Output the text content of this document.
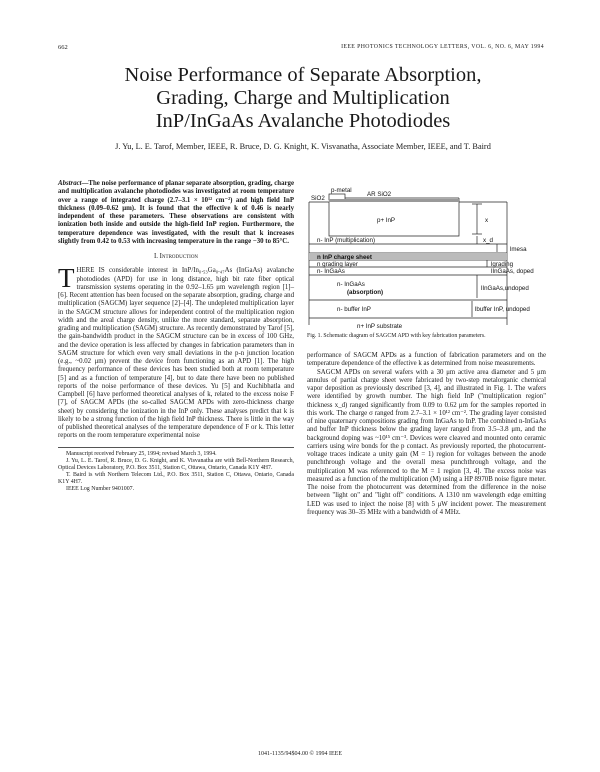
662	IEEE PHOTONICS TECHNOLOGY LETTERS, VOL. 6, NO. 6, MAY 1994
Noise Performance of Separate Absorption,
Grading, Charge and Multiplication
InP/InGaAs Avalanche Photodiodes
J. Yu, L. E. Tarof, Member, IEEE, R. Bruce, D. G. Knight, K. Visvanatha, Associate Member, IEEE, and T. Baird
Abstract—The noise performance of planar separate absorption, grading, charge and multiplication avalanche photodiodes was investigated at room temperature over a range of integrated charge (2.7–3.1 × 10¹² cm⁻²) and high field InP thickness (0.09–0.62 μm). It is found that the effective k of 0.46 is nearly independent of these parameters. These observations are consistent with ionization both inside and outside the high-field InP region. Furthermore, the temperature dependence was investigated, with the result that k increases slightly from 0.42 to 0.53 with increasing temperature in the range −30 to 85°C.
I. Introduction

THERE IS considerable interest in InP/In₀.₅₃Ga₀.₄₇As (InGaAs) avalanche photodiodes (APD) for use in long distance, high bit rate fiber optical transmission systems operating in the 0.92–1.65 μm wavelength region [1]–[6]. Recent attention has been focused on the separate absorption, grading, charge and multiplication (SAGCM) layer sequence [2]–[4]. The undepleted multiplication layer in the SAGCM structure allows for independent control of the multiplication region width and the areal charge density, unlike the more standard, separate absorption, grading and multiplication (SAGM) structure. As recently demonstrated by Tarof [5], the gain-bandwidth product in the SAGCM structure can be in excess of 100 GHz, and the device operation is less affected by changes in fabrication parameters than in SAGM structure for which even very small deviations in the p-n junction location (e.g., ~0.02 μm) prevent the device from functioning as an APD [1]. The high frequency performance of these devices has been studied both at room temperature [5] and as a function of temperature [4], but to date there have been no published reports of the noise performance of these devices. Yu [5] and Kuchibhatla and Campbell [6] have performed theoretical analyses of k, related to the excess noise F [7], of SAGCM APDs (the so-called SAGCM APDs with zero-thickness charge sheet) by considering the ionization in the InP only. These analyses predict that k is likely to be a strong function of the high field InP thickness. There is little in the way of published theoretical analyses of the temperature dependence of F or k. This letter reports on the room temperature experimental noise

Manuscript received February 25, 1994; revised March 3, 1994.

J. Yu, L. E. Tarof, R. Bruce, D. G. Knight, and K. Visvanatha are with Bell-Northern Research, Optical Devices Laboratory, P.O. Box 3511, Station C, Ottawa, Ontario, Canada K1Y 4H7.

T. Baird is with Northern Telecom Ltd., P.O. Box 3511, Station C, Ottawa, Ontario, Canada K1Y 4H7.

IEEE Log Number 9401007.

SiO2
p-metal
AR SiO2
p+ InP	x
n- InP (multiplication)	x_d
lmesa
n InP charge sheet
n grading layer	lgrading
n- InGaAs	lInGaAs, doped
n- InGaAs
(absorption)
lInGaAs,undoped
n- buffer InP	lbuffer InP, undoped
n+ InP substrate
Fig. 1. Schematic diagram of SAGCM APD with key fabrication parameters.

performance of SAGCM APDs as a function of fabrication parameters and on the temperature dependence of the effective k as determined from noise measurements.

SAGCM APDs on several wafers with a 30 μm active area diameter and 5 μm annulus of partial charge sheet were fabricated by two-step metalorganic chemical vapor deposition as previously described [3, 4], and illustrated in Fig. 1. The wafers were identified by growth number. The high field InP ("multiplication region" thickness x_d) ranged significantly from 0.09 to 0.62 μm for the samples reported in this work. The charge σ ranged from 2.7–3.1 × 10¹² cm⁻². The grading layer consisted of nine quaternary compositions grading from InGaAs to InP. The combined n-InGaAs and buffer InP thickness below the grading layer ranged from 3.5–3.8 μm, and the background doping was ~10¹⁵ cm⁻³. Devices were cleaved and mounted onto ceramic carriers using wire bonds for the p contact. As previously reported, the photocurrent-voltage traces indicate a unity gain (M = 1) region for voltages between the anode punchthrough voltage and the overall mesa punchthrough voltage, and the multiplication M was referenced to the M = 1 region [3, 4]. The excess noise was measured as a function of the multiplication (M) using a HP 8970B noise figure meter. The noise from the photocurrent was determined from the difference in the noise between "light on" and "light off" conditions. A 1310 nm wavelength edge emitting LED was used to inject the noise [8] with 5 μW incident power. The measurement frequency was 30–35 MHz with a bandwidth of 4 MHz.

1041-1135/94$04.00 © 1994 IEEE
